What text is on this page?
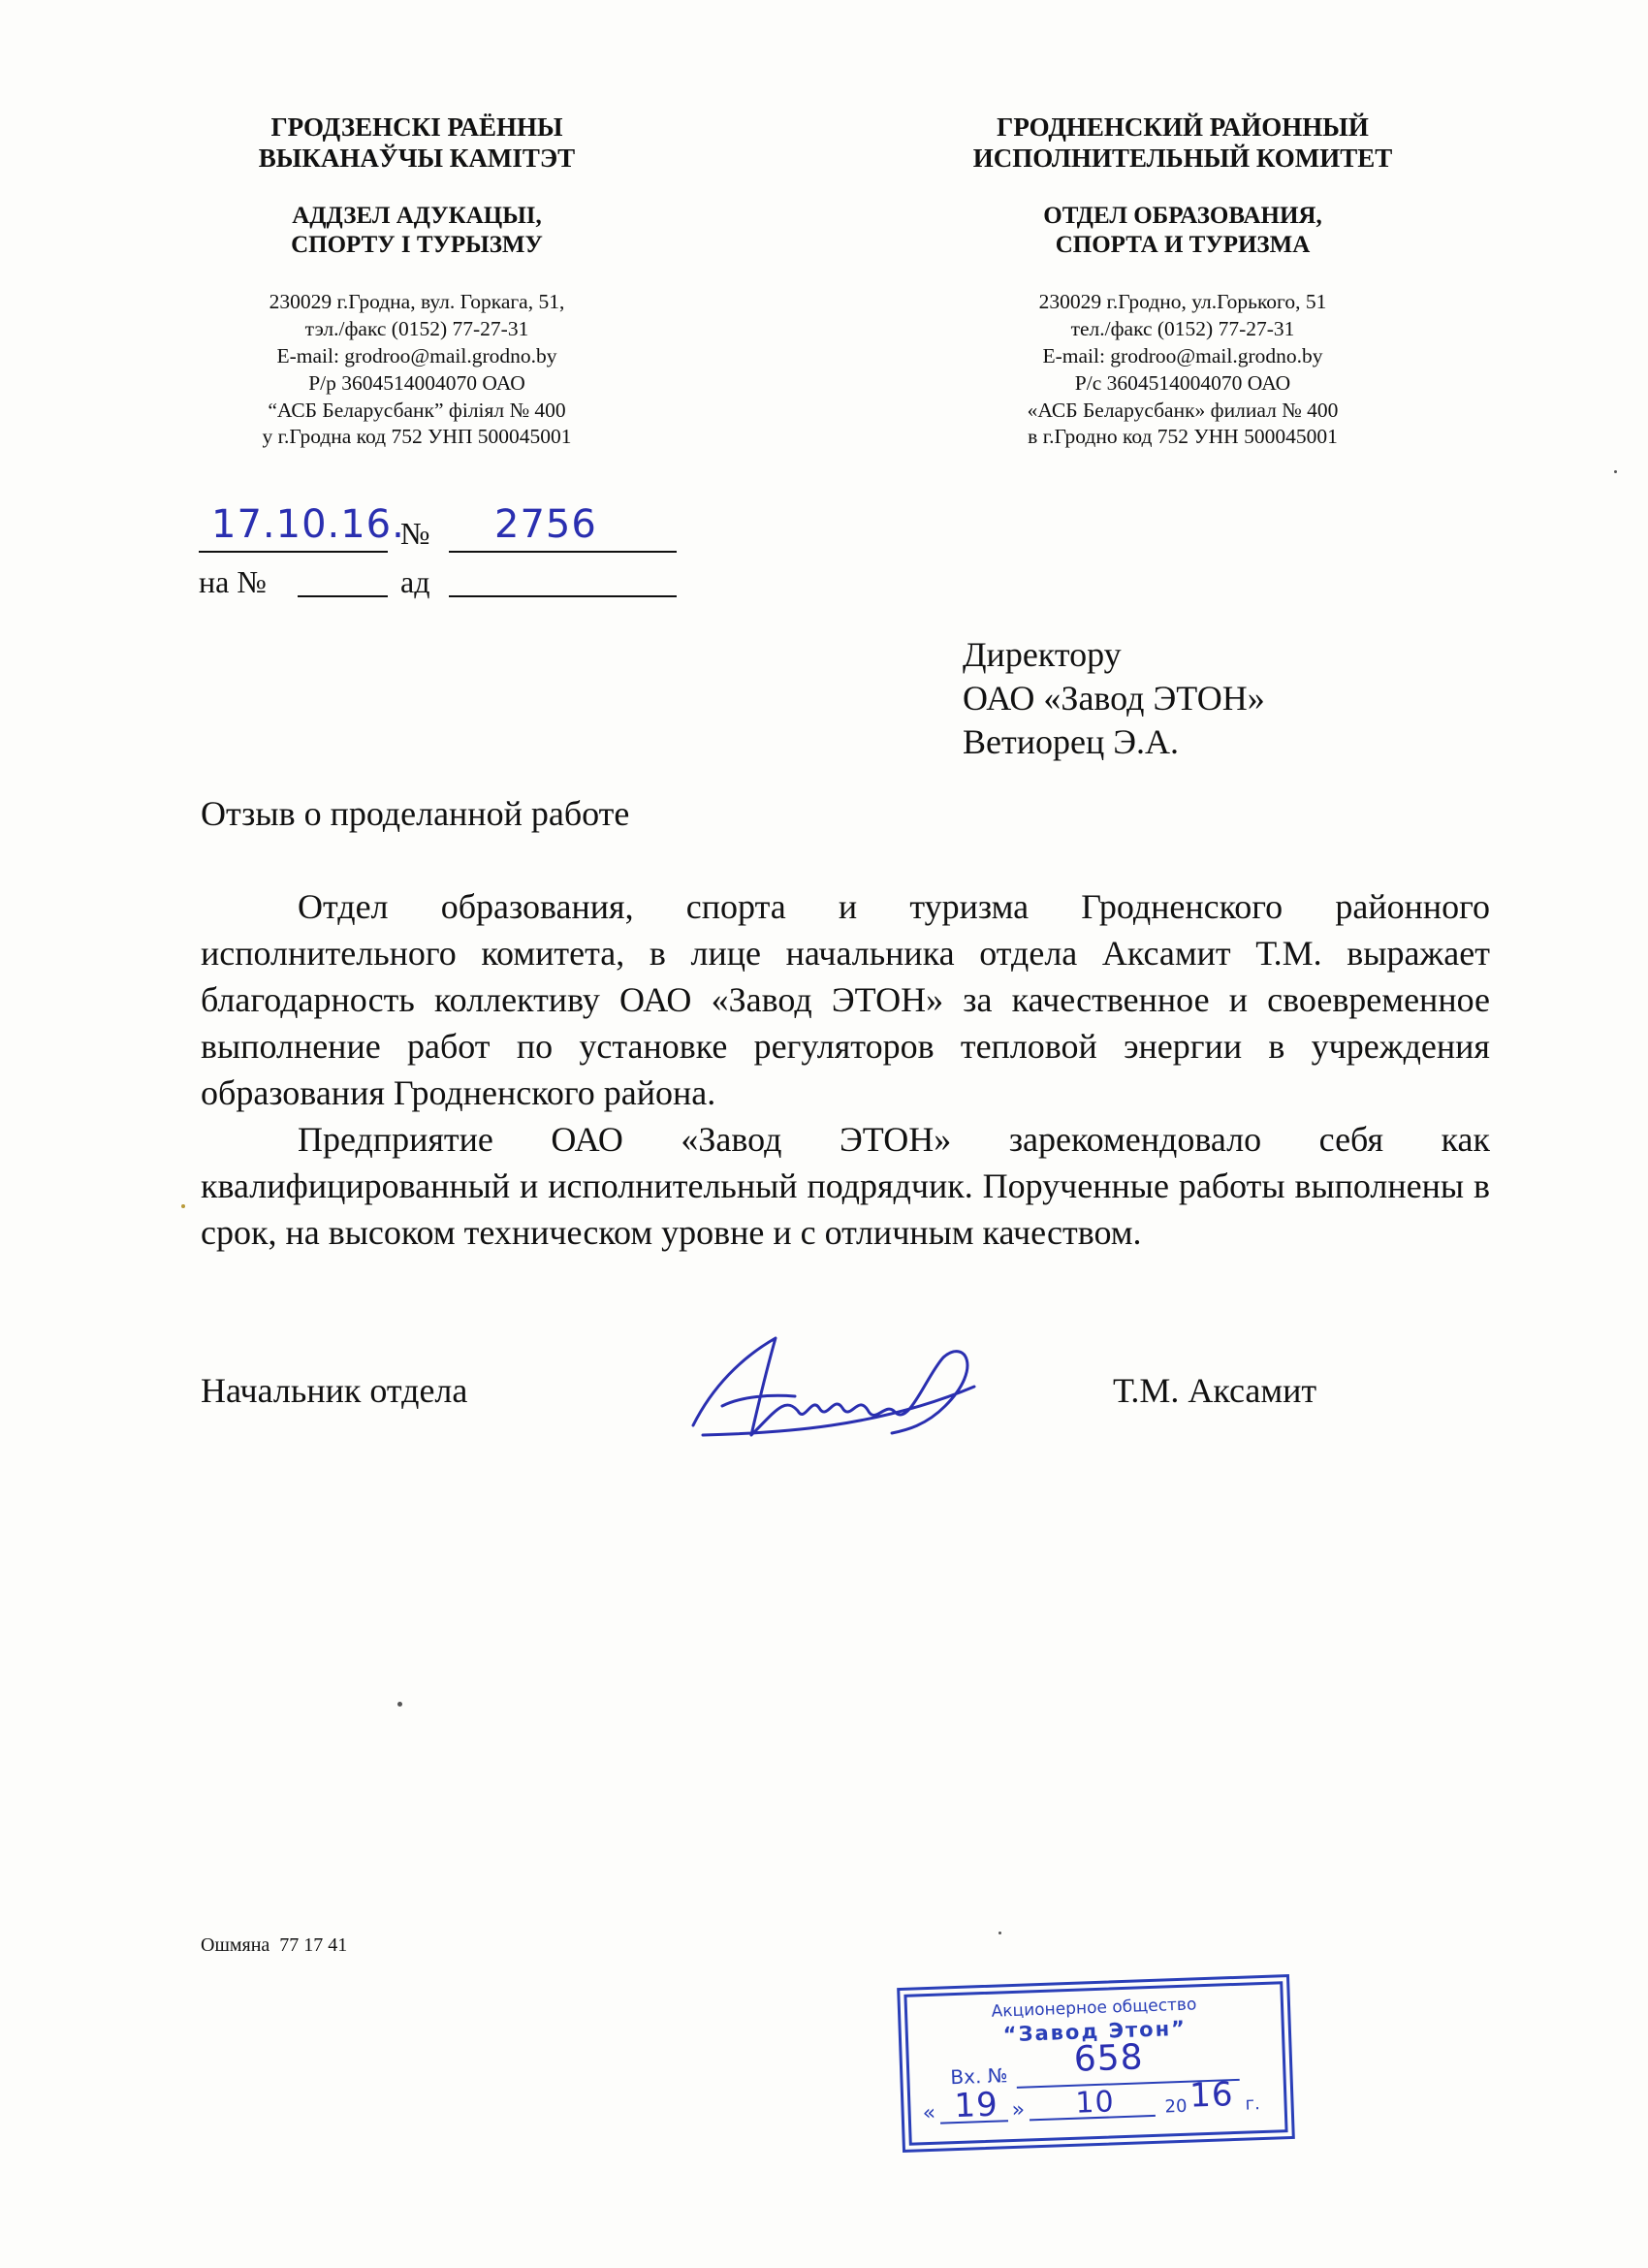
ГРОДЗЕНСКІ РАЁННЫ
ВЫКАНАЎЧЫ КАМІТЭТ
АДДЗЕЛ АДУКАЦЫІ,
СПОРТУ І ТУРЫЗМУ
230029 г.Гродна, вул. Горкага, 51,
тэл./факс (0152) 77-27-31
E-mail: grodroo@mail.grodno.by
Р/р 3604514004070 ОАО
“АСБ Беларусбанк” філіял № 400
у г.Гродна код 752 УНП 500045001
ГРОДНЕНСКИЙ РАЙОННЫЙ
ИСПОЛНИТЕЛЬНЫЙ КОМИТЕТ
ОТДЕЛ ОБРАЗОВАНИЯ,
СПОРТА И ТУРИЗМА
230029 г.Гродно, ул.Горького, 51
тел./факс (0152) 77-27-31
E-mail: grodroo@mail.grodno.by
Р/с 3604514004070 ОАО
«АСБ Беларусбанк» филиал № 400
в г.Гродно код 752 УНН 500045001
17.10.16.
№ 2756
на №	ад
Директору
ОАО «Завод ЭТОН»
Ветиорец Э.А.
Отзыв о проделанной работе

Отдел образования, спорта и туризма Гродненского районного исполнительного комитета, в лице начальника отдела Аксамит Т.М. выражает благодарность коллективу ОАО «Завод ЭТОН» за качественное и своевременное выполнение работ по установке регуляторов тепловой энергии в учреждения образования Гродненского района.

Предприятие ОАО «Завод ЭТОН» зарекомендовало себя как квалифицированный и исполнительный подрядчик. Порученные работы выполнены в срок, на высоком техническом уровне и с отличным качеством.

Начальник отдела	Т.М. Аксамит
Ошмяна  77 17 41
Акционерное общество
“Завод Этон”
Вх. № 658
« 19 » 10	20 16 г.
